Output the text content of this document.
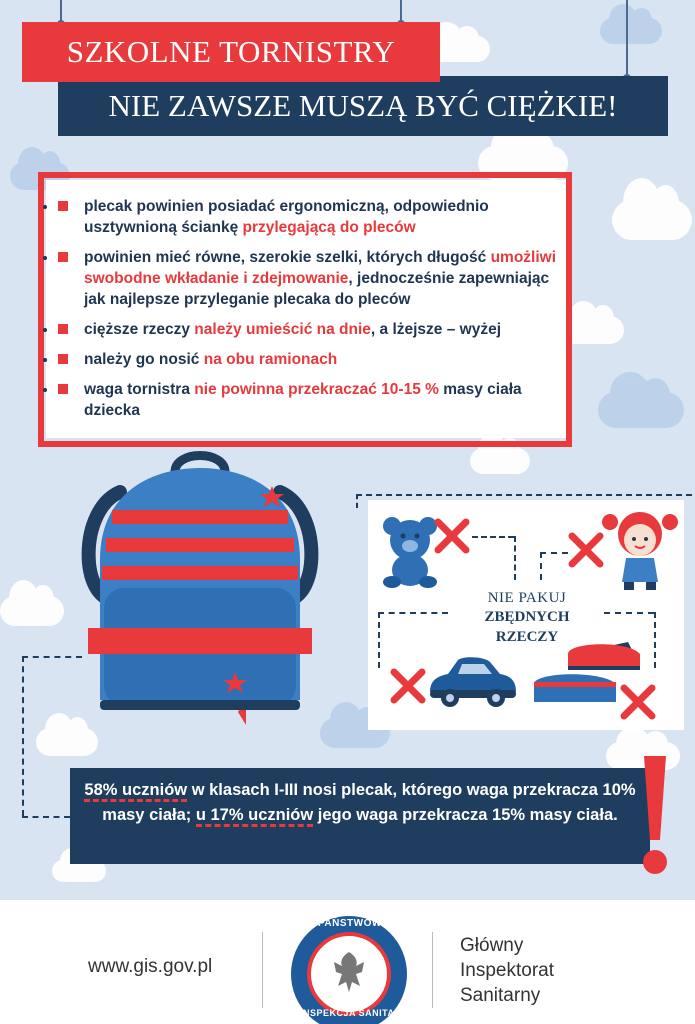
NIE ZAWSZE MUSZĄ BYĆ CIĘŻKIE!
SZKOLNE TORNISTRY
• plecak powinien posiadać ergonomiczną, odpowiednio usztywnioną ściankę przylegającą do pleców
• powinien mieć równe, szerokie szelki, których długość umożliwi swobodne wkładanie i zdejmowanie, jednocześnie zapewniając jak najlepsze przyleganie plecaka do pleców
• cięższe rzeczy należy umieścić na dnie, a lżejsze – wyżej
• należy go nosić na obu ramionach
• waga tornistra nie powinna przekraczać 10-15 % masy ciała dziecka
NIE PAKUJ
ZBĘDNYCH
RZECZY
58% uczniów w klasach I-III nosi plecak, którego waga przekracza 10% masy ciała; u 17% uczniów jego waga przekracza 15% masy ciała.
www.gis.gov.pl
PAŃSTWOWA
INSPEKCJA SANITARNA
Główny
Inspektorat
Sanitarny
